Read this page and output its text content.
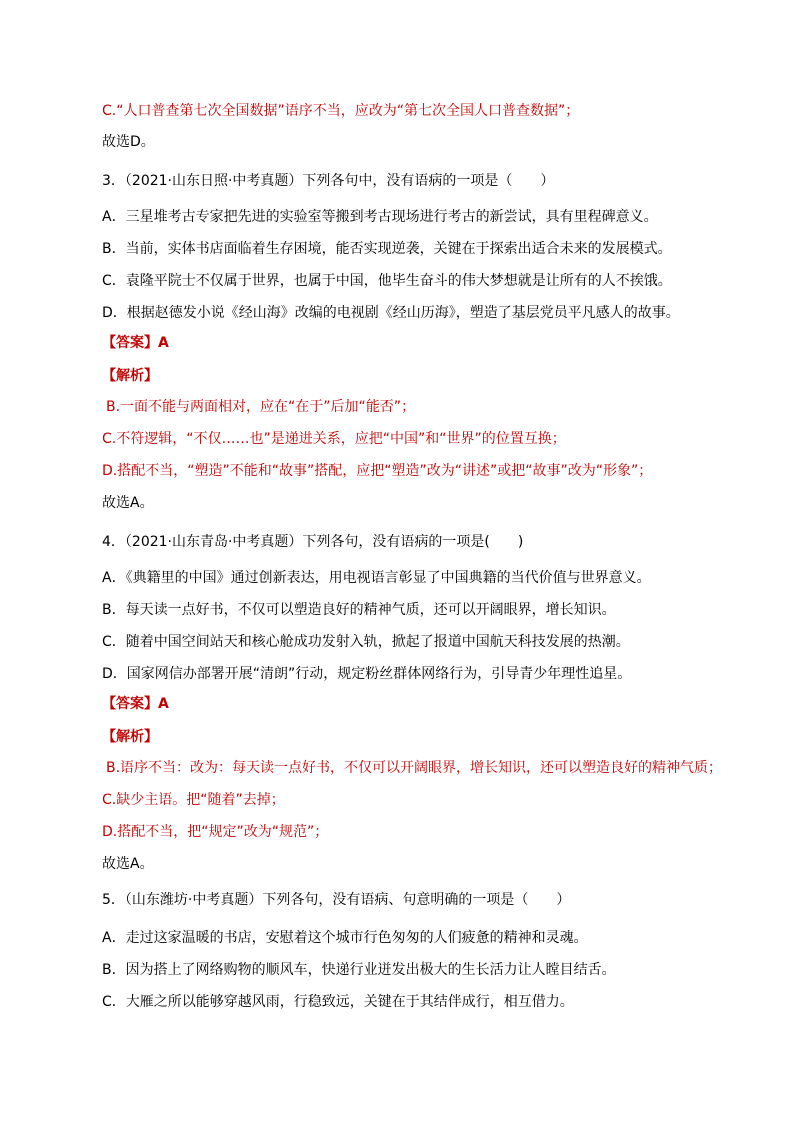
C.“人口普查第七次全国数据”语序不当，应改为“第七次全国人口普查数据”；
故选D。
3．（2021·山东日照·中考真题）下列各句中，没有语病的一项是（　　）
A．三星堆考古专家把先进的实验室等搬到考古现场进行考古的新尝试，具有里程碑意义。
B．当前，实体书店面临着生存困境，能否实现逆袭，关键在于探索出适合未来的发展模式。
C．袁隆平院士不仅属于世界，也属于中国，他毕生奋斗的伟大梦想就是让所有的人不挨饿。
D．根据赵德发小说《经山海》改编的电视剧《经山历海》，塑造了基层党员平凡感人的故事。
【答案】A
【解析】
B.一面不能与两面相对，应在“在于”后加“能否”；
C.不符逻辑，“不仅……也”是递进关系，应把“中国”和“世界”的位置互换；
D.搭配不当，“塑造”不能和“故事”搭配，应把“塑造”改为“讲述”或把“故事”改为“形象”；
故选A。
4．（2021·山东青岛·中考真题）下列各句，没有语病的一项是(　　)
A．《典籍里的中国》通过创新表达，用电视语言彰显了中国典籍的当代价值与世界意义。
B．每天读一点好书，不仅可以塑造良好的精神气质，还可以开阔眼界，增长知识。
C．随着中国空间站天和核心舱成功发射入轨，掀起了报道中国航天科技发展的热潮。
D．国家网信办部署开展“清朗”行动，规定粉丝群体网络行为，引导青少年理性追星。
【答案】A
【解析】
B.语序不当：改为：每天读一点好书，不仅可以开阔眼界，增长知识，还可以塑造良好的精神气质；
C.缺少主语。把“随着”去掉；
D.搭配不当，把“规定”改为“规范”；
故选A。
5．（山东潍坊·中考真题）下列各句，没有语病、句意明确的一项是（　　）
A．走过这家温暖的书店，安慰着这个城市行色匆匆的人们疲惫的精神和灵魂。
B．因为搭上了网络购物的顺风车，快递行业迸发出极大的生长活力让人瞠目结舌。
C．大雁之所以能够穿越风雨，行稳致远，关键在于其结伴成行，相互借力。
